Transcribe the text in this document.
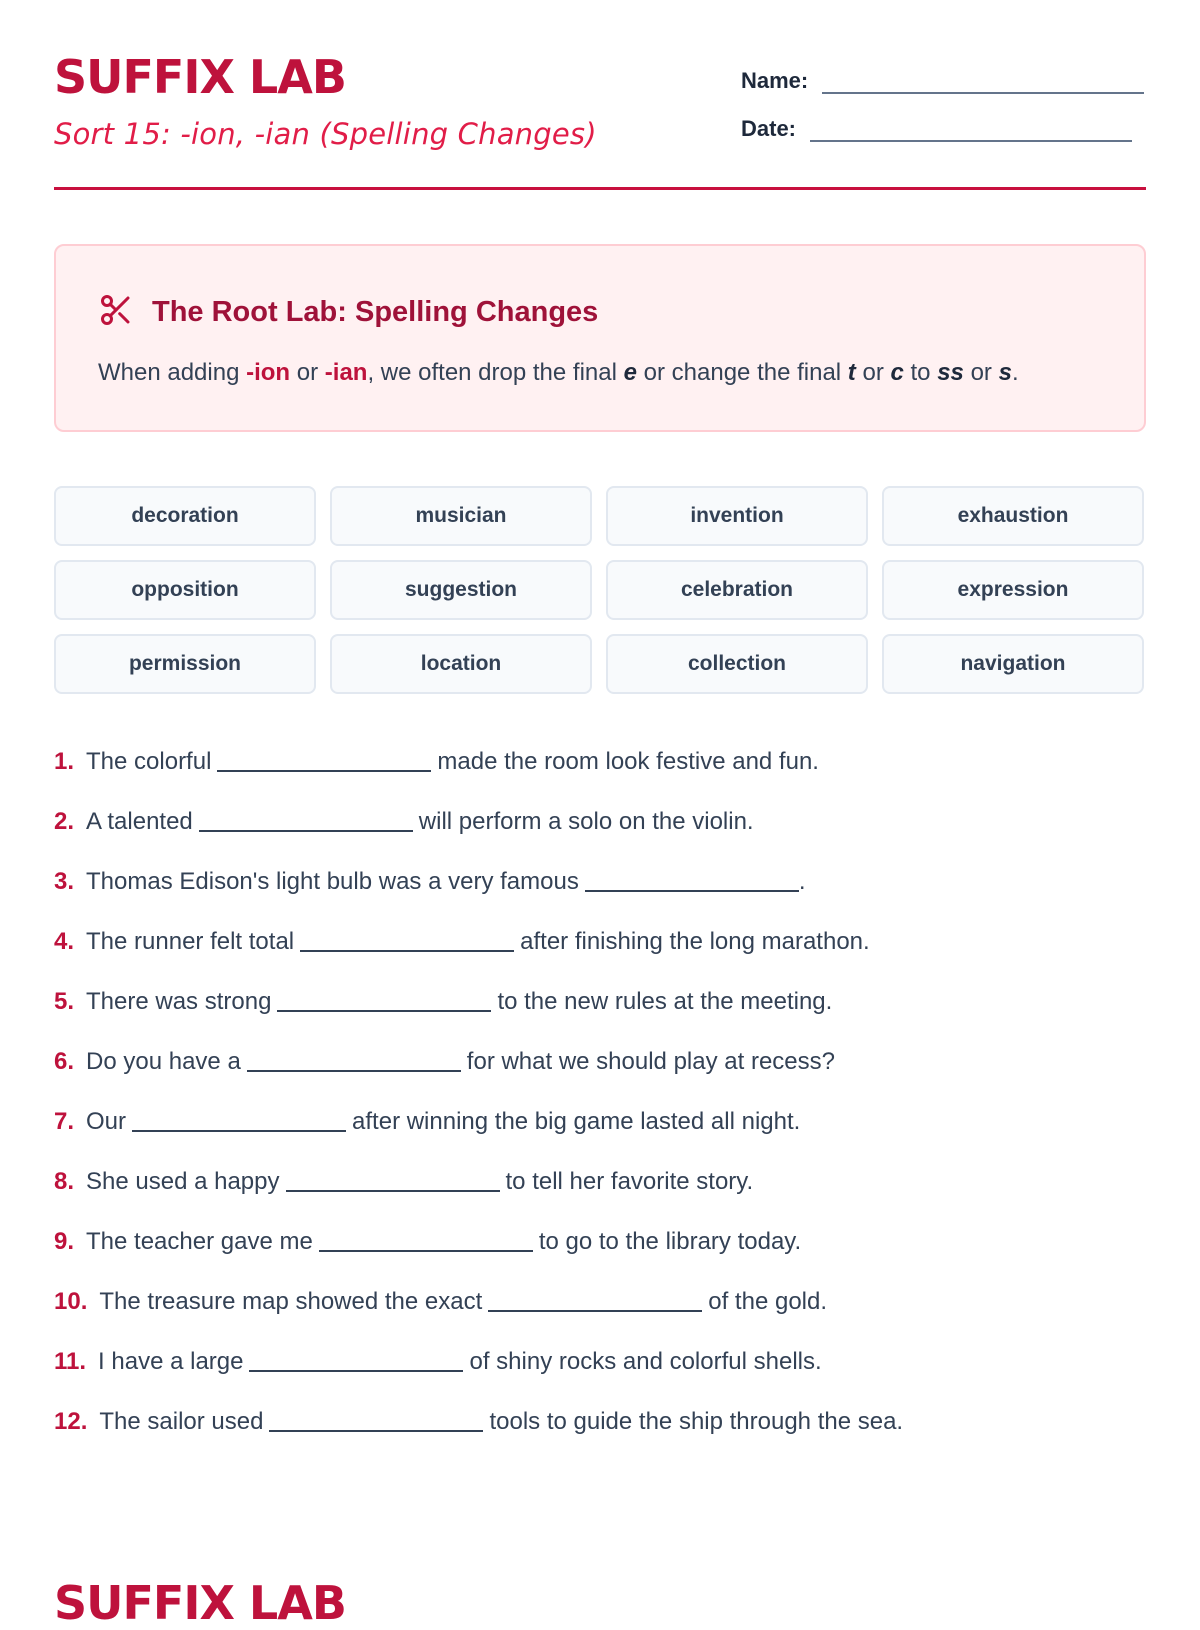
SUFFIX LAB
Sort 15: -ion, -ian (Spelling Changes)
Name:
Date:
The Root Lab: Spelling Changes

When adding -ion or -ian, we often drop the final e or change the final t or c to ss or s.

decoration	musician	invention	exhaustion
opposition	suggestion	celebration	expression
permission	location	collection	navigation
1. The colorful	made the room look festive and fun.
2. A talented	will perform a solo on the violin.
3. Thomas Edison's light bulb was a very famous	.
4. The runner felt total	after finishing the long marathon.
5. There was strong	to the new rules at the meeting.
6. Do you have a	for what we should play at recess?
7. Our	after winning the big game lasted all night.
8. She used a happy	to tell her favorite story.
9. The teacher gave me	to go to the library today.
10. The treasure map showed the exact	of the gold.
11. I have a large	of shiny rocks and colorful shells.
12. The sailor used	tools to guide the ship through the sea.
SUFFIX LAB
